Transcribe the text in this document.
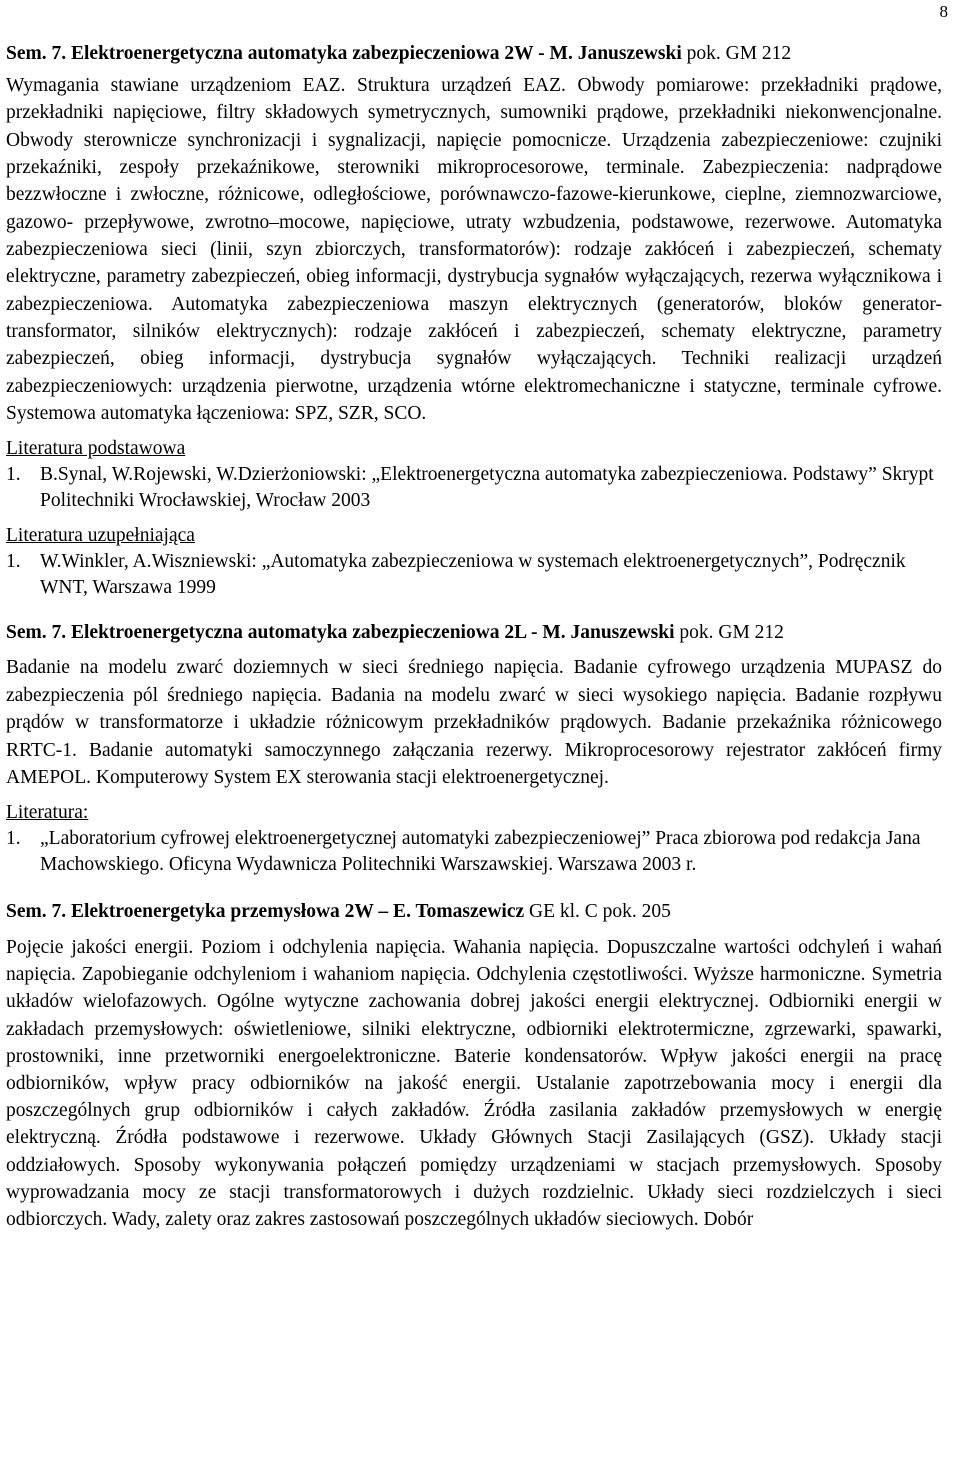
8
Sem. 7. Elektroenergetyczna automatyka zabezpieczeniowa 2W - M. Januszewski pok. GM 212

Wymagania stawiane urządzeniom EAZ. Struktura urządzeń EAZ. Obwody pomiarowe: przekładniki prądowe, przekładniki napięciowe, filtry składowych symetrycznych, sumowniki prądowe, przekładniki niekonwencjonalne. Obwody sterownicze synchronizacji i sygnalizacji, napięcie pomocnicze. Urządzenia zabezpieczeniowe: czujniki przekaźniki, zespoły przekaźnikowe, sterowniki mikroprocesorowe, terminale. Zabezpieczenia: nadprądowe bezzwłoczne i zwłoczne, różnicowe, odległościowe, porównawczo-fazowe-kierunkowe, cieplne, ziemnozwarciowe, gazowo- przepływowe, zwrotno–mocowe, napięciowe, utraty wzbudzenia, podstawowe, rezerwowe. Automatyka zabezpieczeniowa sieci (linii, szyn zbiorczych, transformatorów): rodzaje zakłóceń i zabezpieczeń, schematy elektryczne, parametry zabezpieczeń, obieg informacji, dystrybucja sygnałów wyłączających, rezerwa wyłącznikowa i zabezpieczeniowa. Automatyka zabezpieczeniowa maszyn elektrycznych (generatorów, bloków generator-transformator, silników elektrycznych): rodzaje zakłóceń i zabezpieczeń, schematy elektryczne, parametry zabezpieczeń, obieg informacji, dystrybucja sygnałów wyłączających. Techniki realizacji urządzeń zabezpieczeniowych: urządzenia pierwotne, urządzenia wtórne elektromechaniczne i statyczne, terminale cyfrowe. Systemowa automatyka łączeniowa: SPZ, SZR, SCO.

Literatura podstawowa

1. B.Synal, W.Rojewski, W.Dzierżoniowski: „Elektroenergetyczna automatyka zabezpieczeniowa. Podstawy” Skrypt Politechniki Wrocławskiej, Wrocław 2003

Literatura uzupełniająca

1. W.Winkler, A.Wiszniewski: „Automatyka zabezpieczeniowa w systemach elektroenergetycznych”, Podręcznik WNT, Warszawa 1999
Sem. 7. Elektroenergetyczna automatyka zabezpieczeniowa 2L - M. Januszewski pok. GM 212

Badanie na modelu zwarć doziemnych w sieci średniego napięcia. Badanie cyfrowego urządzenia MUPASZ do zabezpieczenia pól średniego napięcia. Badania na modelu zwarć w sieci wysokiego napięcia. Badanie rozpływu prądów w transformatorze i układzie różnicowym przekładników prądowych. Badanie przekaźnika różnicowego RRTC-1. Badanie automatyki samoczynnego załączania rezerwy. Mikroprocesorowy rejestrator zakłóceń firmy AMEPOL. Komputerowy System EX sterowania stacji elektroenergetycznej.

Literatura:

1. „Laboratorium cyfrowej elektroenergetycznej automatyki zabezpieczeniowej” Praca zbiorowa pod redakcja Jana Machowskiego. Oficyna Wydawnicza Politechniki Warszawskiej. Warszawa 2003 r.
Sem. 7. Elektroenergetyka przemysłowa 2W – E. Tomaszewicz GE kl. C pok. 205

Pojęcie jakości energii. Poziom i odchylenia napięcia. Wahania napięcia. Dopuszczalne wartości odchyleń i wahań napięcia. Zapobieganie odchyleniom i wahaniom napięcia. Odchylenia częstotliwości. Wyższe harmoniczne. Symetria układów wielofazowych. Ogólne wytyczne zachowania dobrej jakości energii elektrycznej. Odbiorniki energii w zakładach przemysłowych: oświetleniowe, silniki elektryczne, odbiorniki elektrotermiczne, zgrzewarki, spawarki, prostowniki, inne przetworniki energoelektroniczne. Baterie kondensatorów. Wpływ jakości energii na pracę odbiorników, wpływ pracy odbiorników na jakość energii. Ustalanie zapotrzebowania mocy i energii dla poszczególnych grup odbiorników i całych zakładów. Źródła zasilania zakładów przemysłowych w energię elektryczną. Źródła podstawowe i rezerwowe. Układy Głównych Stacji Zasilających (GSZ). Układy stacji oddziałowych. Sposoby wykonywania połączeń pomiędzy urządzeniami w stacjach przemysłowych. Sposoby wyprowadzania mocy ze stacji transformatorowych i dużych rozdzielnic. Układy sieci rozdzielczych i sieci odbiorczych. Wady, zalety oraz zakres zastosowań poszczególnych układów sieciowych. Dobór
